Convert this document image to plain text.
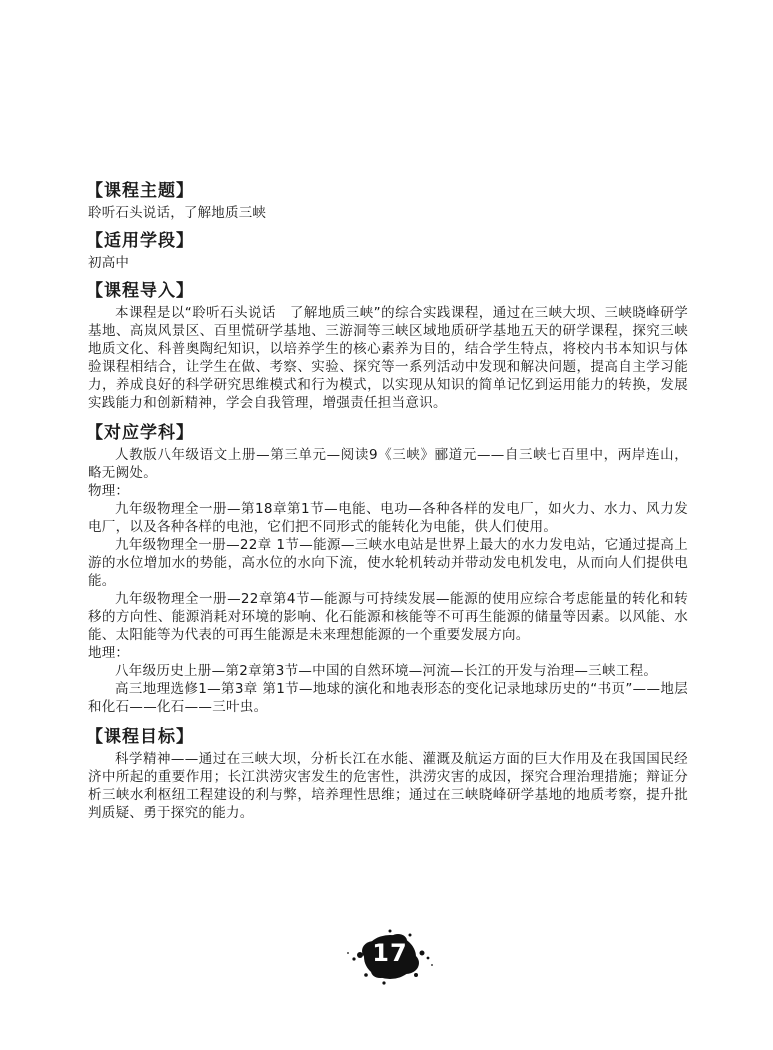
【课程主题】

聆听石头说话，了解地质三峡

【适用学段】

初高中

【课程导入】

本课程是以“聆听石头说话　了解地质三峡”的综合实践课程，通过在三峡大坝、三峡晓峰研学基地、高岚风景区、百里慌研学基地、三游洞等三峡区域地质研学基地五天的研学课程，探究三峡地质文化、科普奥陶纪知识，以培养学生的核心素养为目的，结合学生特点，将校内书本知识与体验课程相结合，让学生在做、考察、实验、探究等一系列活动中发现和解决问题，提高自主学习能力，养成良好的科学研究思维模式和行为模式，以实现从知识的简单记忆到运用能力的转换，发展实践能力和创新精神，学会自我管理，增强责任担当意识。

【对应学科】

人教版八年级语文上册—第三单元—阅读9《三峡》郦道元——自三峡七百里中，两岸连山，略无阙处。

物理：

九年级物理全一册—第18章第1节—电能、电功—各种各样的发电厂，如火力、水力、风力发电厂，以及各种各样的电池，它们把不同形式的能转化为电能，供人们使用。

九年级物理全一册—22章 1节—能源—三峡水电站是世界上最大的水力发电站，它通过提高上游的水位增加水的势能，高水位的水向下流，使水轮机转动并带动发电机发电，从而向人们提供电能。

九年级物理全一册—22章第4节—能源与可持续发展—能源的使用应综合考虑能量的转化和转移的方向性、能源消耗对环境的影响、化石能源和核能等不可再生能源的储量等因素。以风能、水能、太阳能等为代表的可再生能源是未来理想能源的一个重要发展方向。

地理：

八年级历史上册—第2章第3节—中国的自然环境—河流—长江的开发与治理—三峡工程。

高三地理选修1—第3章 第1节—地球的演化和地表形态的变化记录地球历史的“书页”——地层和化石——化石——三叶虫。

【课程目标】

科学精神——通过在三峡大坝，分析长江在水能、灌溉及航运方面的巨大作用及在我国国民经济中所起的重要作用；长江洪涝灾害发生的危害性，洪涝灾害的成因，探究合理治理措施；辩证分析三峡水利枢纽工程建设的利与弊，培养理性思维；通过在三峡晓峰研学基地的地质考察，提升批判质疑、勇于探究的能力。

17
